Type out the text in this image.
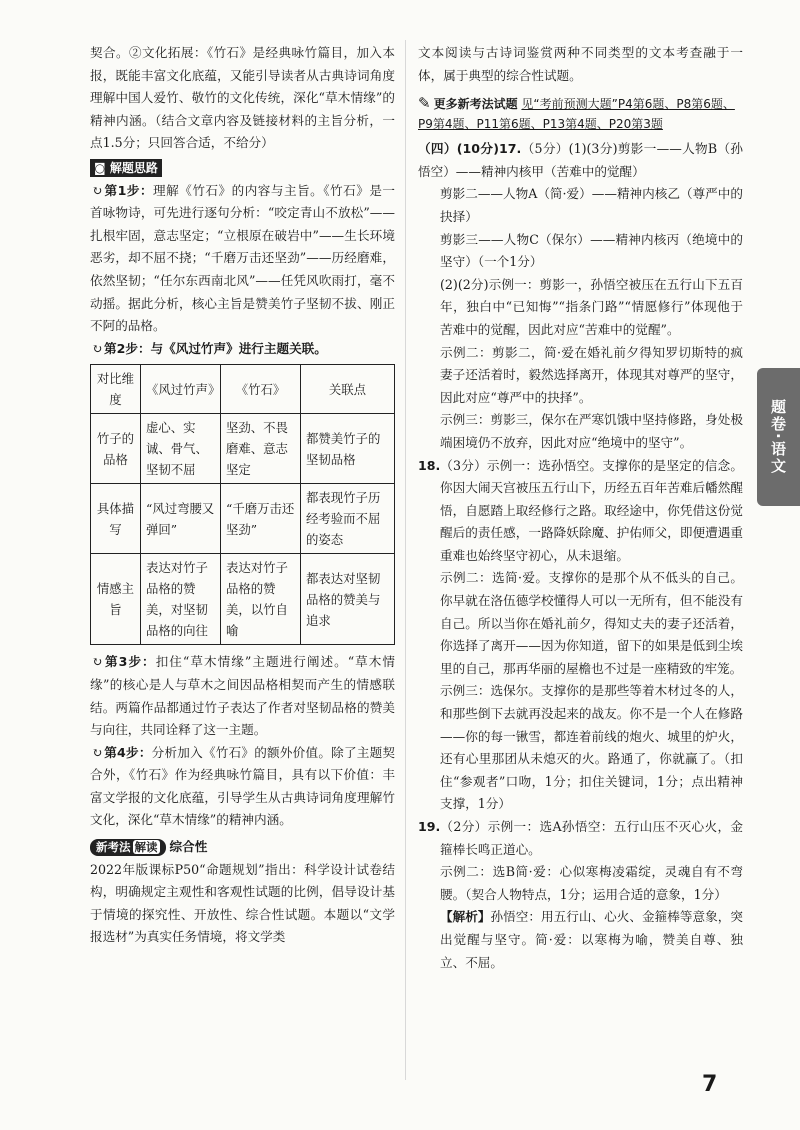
契合。②文化拓展：《竹石》是经典咏竹篇目，加入本报，既能丰富文化底蕴，又能引导读者从古典诗词角度理解中国人爱竹、敬竹的文化传统，深化“草木情缘”的精神内涵。（结合文章内容及链接材料的主旨分析，一点1.5分；只回答合适，不给分）

◙ 解题思路

↻ 第1步：理解《竹石》的内容与主旨。《竹石》是一首咏物诗，可先进行逐句分析：“咬定青山不放松”——扎根牢固，意志坚定；“立根原在破岩中”——生长环境恶劣，却不屈不挠；“千磨万击还坚劲”——历经磨难，依然坚韧；“任尔东西南北风”——任凭风吹雨打，毫不动摇。据此分析，核心主旨是赞美竹子坚韧不拔、刚正不阿的品格。

↻ 第2步：与《风过竹声》进行主题关联。

对比维度	《风过竹声》	《竹石》	关联点
竹子的品格	虚心、实诚、骨气、坚韧不屈	坚劲、不畏磨难、意志坚定	都赞美竹子的坚韧品格
具体描写	“风过弯腰又弹回”	“千磨万击还坚劲”	都表现竹子历经考验而不屈的姿态
情感主旨	表达对竹子品格的赞美，对坚韧品格的向往	表达对竹子品格的赞美，以竹自喻	都表达对坚韧品格的赞美与追求

↻ 第3步：扣住“草木情缘”主题进行阐述。“草木情缘”的核心是人与草木之间因品格相契而产生的情感联结。两篇作品都通过竹子表达了作者对坚韧品格的赞美与向往，共同诠释了这一主题。

↻ 第4步：分析加入《竹石》的额外价值。除了主题契合外，《竹石》作为经典咏竹篇目，具有以下价值：丰富文学报的文化底蕴，引导学生从古典诗词角度理解竹文化，深化“草木情缘”的精神内涵。

新考法 解读 综合性

2022年版课标P50“命题规划”指出：科学设计试卷结构，明确规定主观性和客观性试题的比例，倡导设计基于情境的探究性、开放性、综合性试题。本题以“文学报选材”为真实任务情境，将文学类

文本阅读与古诗词鉴赏两种不同类型的文本考查融于一体，属于典型的综合性试题。

✎ 更多新考法试题 见“考前预测大题”P4第6题、P8第6题、P9第4题、P11第6题、P13第4题、P20第3题

（四）(10分)17.（5分）(1)(3分)剪影一——人物B（孙悟空）——精神内核甲（苦难中的觉醒）

剪影二——人物A（简·爱）——精神内核乙（尊严中的抉择）

剪影三——人物C（保尔）——精神内核丙（绝境中的坚守）（一个1分）

(2)(2分)示例一：剪影一，孙悟空被压在五行山下五百年，独白中“已知悔”“指条门路”“情愿修行”体现他于苦难中的觉醒，因此对应“苦难中的觉醒”。

示例二：剪影二，简·爱在婚礼前夕得知罗切斯特的疯妻子还活着时，毅然选择离开，体现其对尊严的坚守，因此对应“尊严中的抉择”。

示例三：剪影三，保尔在严寒饥饿中坚持修路，身处极端困境仍不放弃，因此对应“绝境中的坚守”。

18.（3分）示例一：选孙悟空。支撑你的是坚定的信念。你因大闹天宫被压五行山下，历经五百年苦难后幡然醒悟，自愿踏上取经修行之路。取经途中，你凭借这份觉醒后的责任感，一路降妖除魔、护佑师父，即便遭遇重重难也始终坚守初心，从未退缩。

示例二：选简·爱。支撑你的是那个从不低头的自己。你早就在洛伍德学校懂得人可以一无所有，但不能没有自己。所以当你在婚礼前夕，得知丈夫的妻子还活着，你选择了离开——因为你知道，留下的如果是低到尘埃里的自己，那再华丽的屋檐也不过是一座精致的牢笼。

示例三：选保尔。支撑你的是那些等着木材过冬的人，和那些倒下去就再没起来的战友。你不是一个人在修路——你的每一锹雪，都连着前线的炮火、城里的炉火，还有心里那团从未熄灭的火。路通了，你就赢了。（扣住“参观者”口吻，1分；扣住关键词，1分；点出精神支撑，1分）

19.（2分）示例一：选A孙悟空：五行山压不灭心火，金箍棒长鸣正道心。

示例二：选B简·爱：心似寒梅凌霜绽，灵魂自有不弯腰。（契合人物特点，1分；运用合适的意象，1分）

【解析】孙悟空：用五行山、心火、金箍棒等意象，突出觉醒与坚守。简·爱：以寒梅为喻，赞美自尊、独立、不屈。

题卷·语文
7
